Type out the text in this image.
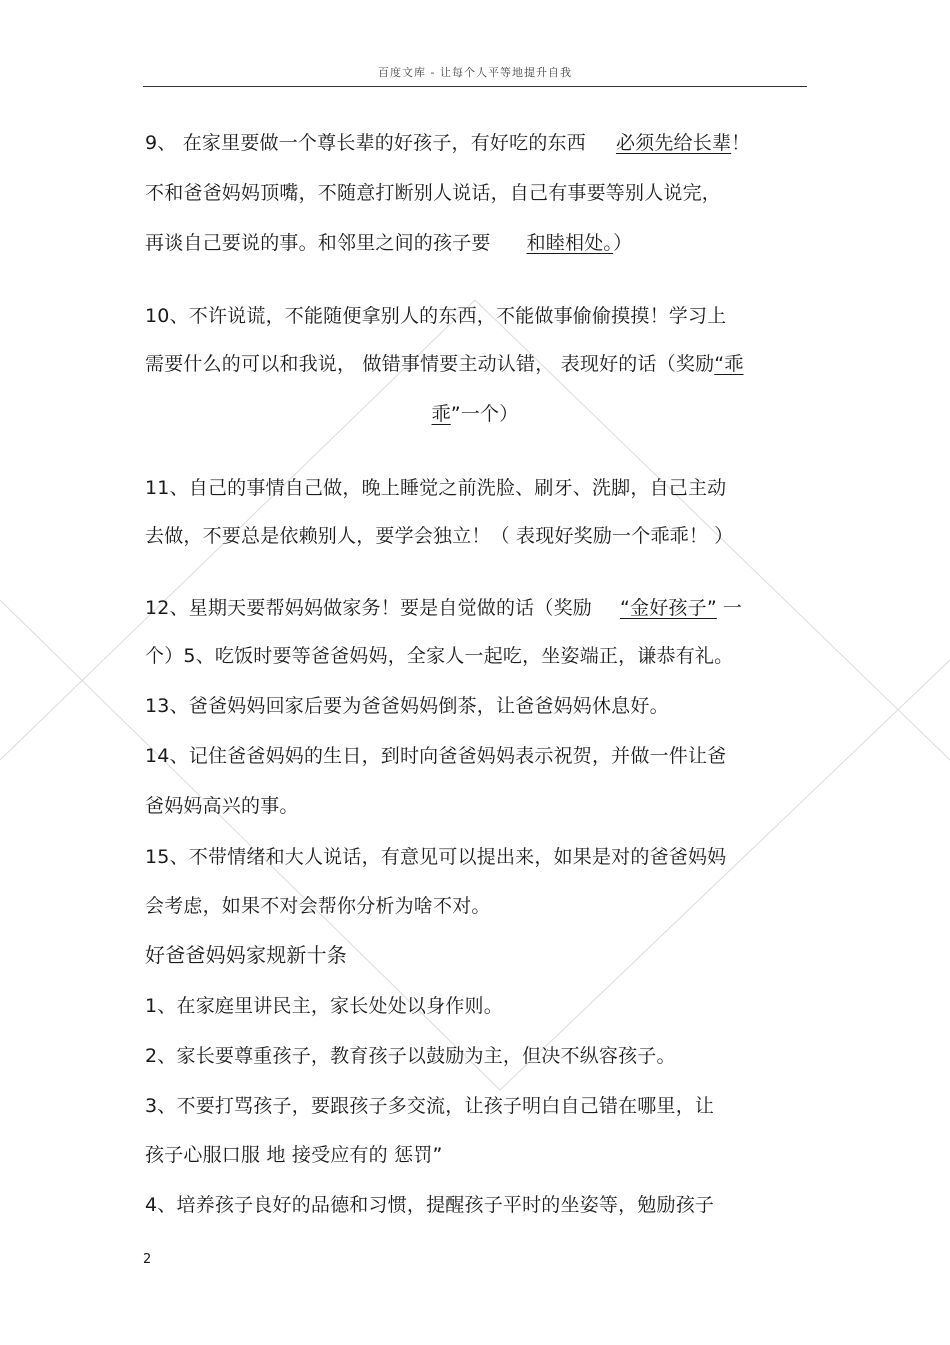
百度文库 - 让每个人平等地提升自我
9、 在家里要做一个尊长辈的好孩子，有好吃的东西 必须先给长辈！
不和爸爸妈妈顶嘴，不随意打断别人说话，自己有事要等别人说完，
再谈自己要说的事。和邻里之间的孩子要 和睦相处。）
10、不许说谎，不能随便拿别人的东西，不能做事偷偷摸摸！学习上
需要什么的可以和我说， 做错事情要主动认错， 表现好的话（奖励“乖
乖”一个）
11、自己的事情自己做，晚上睡觉之前洗脸、刷牙、洗脚，自己主动
去做，不要总是依赖别人，要学会独立！（ 表现好奖励一个乖乖！ ）
12、星期天要帮妈妈做家务！要是自觉做的话（奖励 “金好孩子” 一
个）5、吃饭时要等爸爸妈妈，全家人一起吃，坐姿端正，谦恭有礼。
13、爸爸妈妈回家后要为爸爸妈妈倒茶，让爸爸妈妈休息好。
14、记住爸爸妈妈的生日，到时向爸爸妈妈表示祝贺，并做一件让爸
爸妈妈高兴的事。
15、不带情绪和大人说话，有意见可以提出来，如果是对的爸爸妈妈
会考虑，如果不对会帮你分析为啥不对。
好爸爸妈妈家规新十条
1、在家庭里讲民主，家长处处以身作则。
2、家长要尊重孩子，教育孩子以鼓励为主，但决不纵容孩子。
3、不要打骂孩子，要跟孩子多交流，让孩子明白自己错在哪里，让
孩子心服口服 地 接受应有的 惩罚”
4、培养孩子良好的品德和习惯，提醒孩子平时的坐姿等，勉励孩子
2
